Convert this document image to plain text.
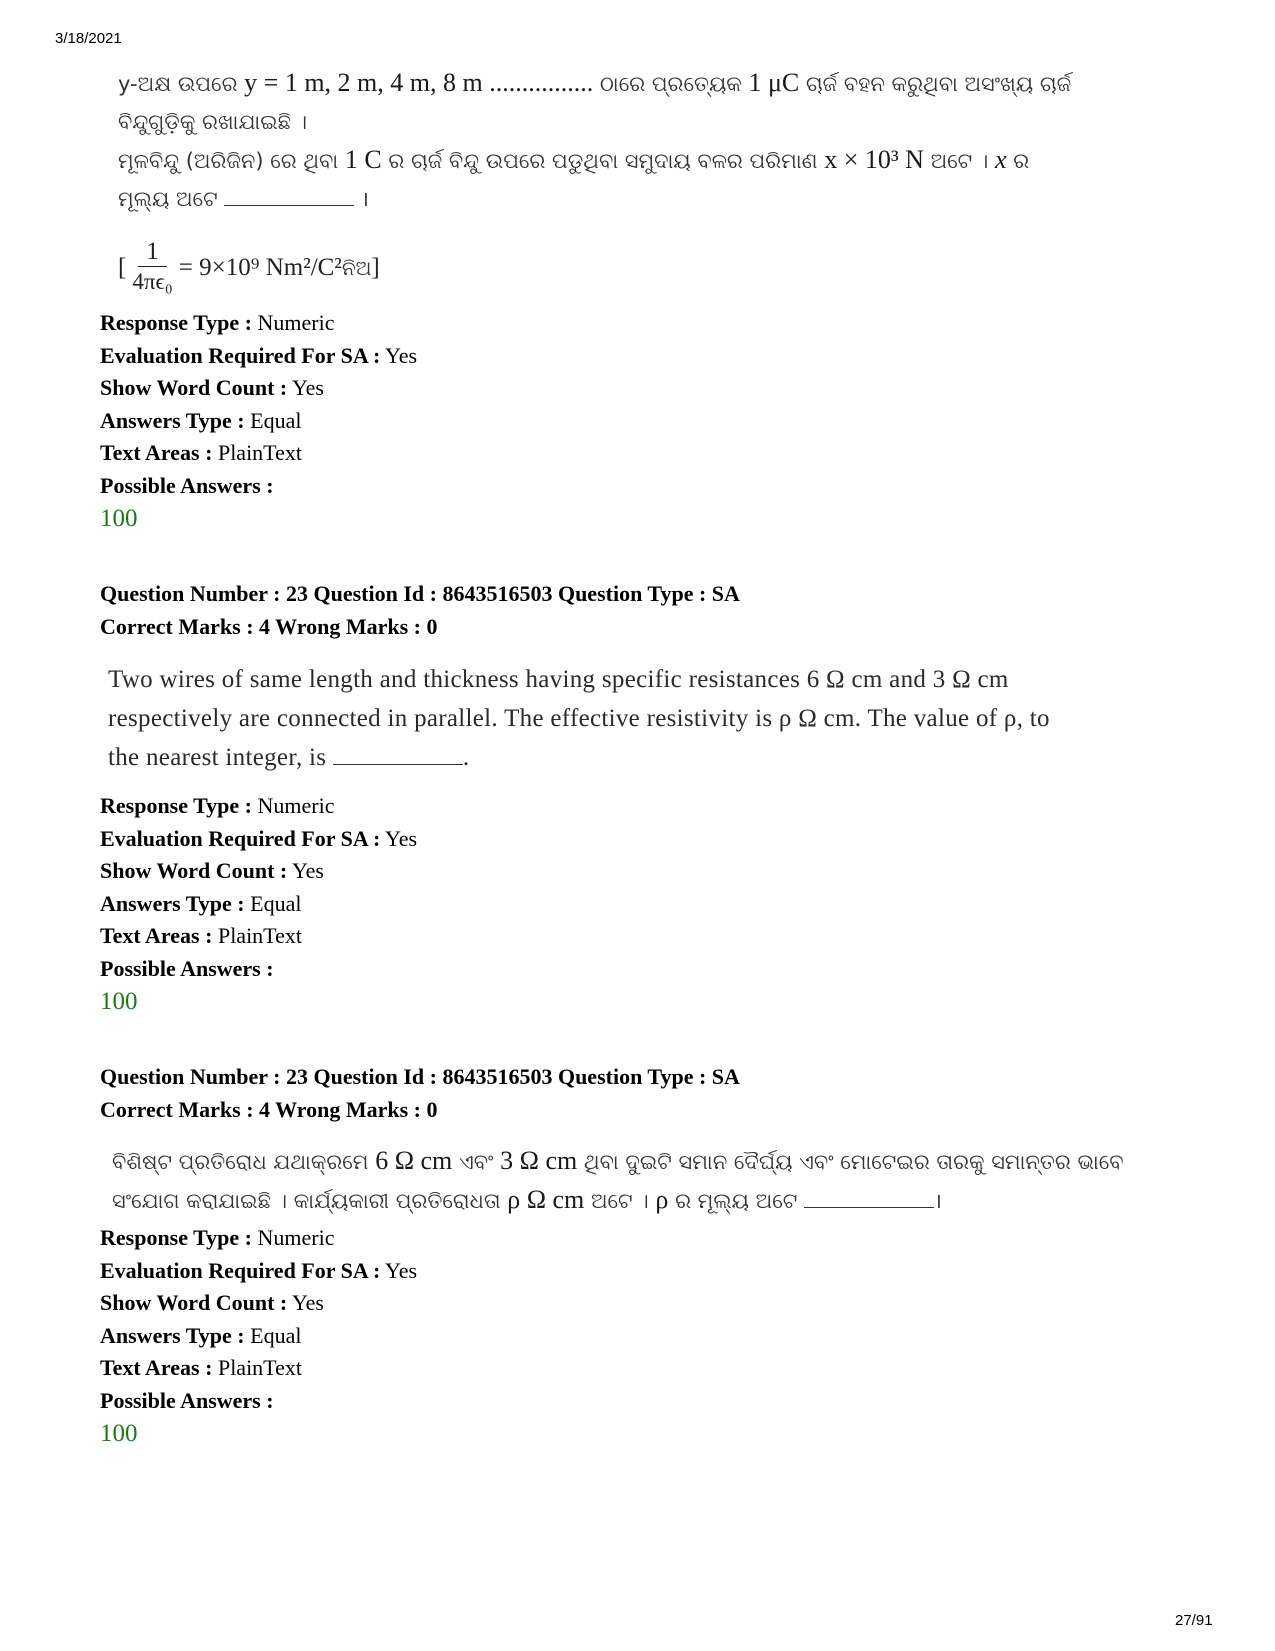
3/18/2021
y-ଅକ୍ଷ ଉପରେ y = 1 m, 2 m, 4 m, 8 m ................ ଠାରେ ପ୍ରତ୍ୟେକ 1 μC ଚାର୍ଜ ବହନ କରୁଥିବା ଅସଂଖ୍ୟ ଚାର୍ଜ
ବିନ୍ଦୁଗୁଡ଼ିକୁ ରଖାଯାଇଛି ।
ମୂଳବିନ୍ଦୁ (ଅରିଜିନ) ରେ ଥିବା 1 C ର ଚାର୍ଜ ବିନ୍ଦୁ ଉପରେ ପଡୁଥିବା ସମୁଦାୟ ବଳର ପରିମାଣ x × 10³ N ଅଟେ । x ର
ମୂଲ୍ୟ ଅଟେ	।
[ $\frac{1}{\text{4πϵ₀}} = 9\times 10^9$ Nm²/C² ନିଅ ]
Response Type : Numeric
Evaluation Required For SA : Yes
Show Word Count : Yes
Answers Type : Equal
Text Areas : PlainText
Possible Answers :
100
Question Number : 23 Question Id : 8643516503 Question Type : SA
Correct Marks : 4 Wrong Marks : 0
Two wires of same length and thickness having specific resistances 6 Ω cm and 3 Ω cm
respectively are connected in parallel. The effective resistivity is ρ Ω cm. The value of ρ, to
the nearest integer, is	.
Response Type : Numeric
Evaluation Required For SA : Yes
Show Word Count : Yes
Answers Type : Equal
Text Areas : PlainText
Possible Answers :
100
Question Number : 23 Question Id : 8643516503 Question Type : SA
Correct Marks : 4 Wrong Marks : 0
ବିଶିଷ୍ଟ ପ୍ରତିରୋଧ ଯଥାକ୍ରମେ 6 Ω cm ଏବଂ 3 Ω cm ଥିବା ଦୁଇଟି ସମାନ ଦୈର୍ଘ୍ୟ ଏବଂ ମୋଟେଇର ତାରକୁ ସମାନ୍ତର ଭାବେ
ସଂଯୋଗ କରାଯାଇଛି । କାର୍ଯ୍ୟକାରୀ ପ୍ରତିରୋଧତା ρ Ω cm ଅଟେ । ρ ର ମୂଲ୍ୟ ଅଟେ	।
Response Type : Numeric
Evaluation Required For SA : Yes
Show Word Count : Yes
Answers Type : Equal
Text Areas : PlainText
Possible Answers :
100
27/91
